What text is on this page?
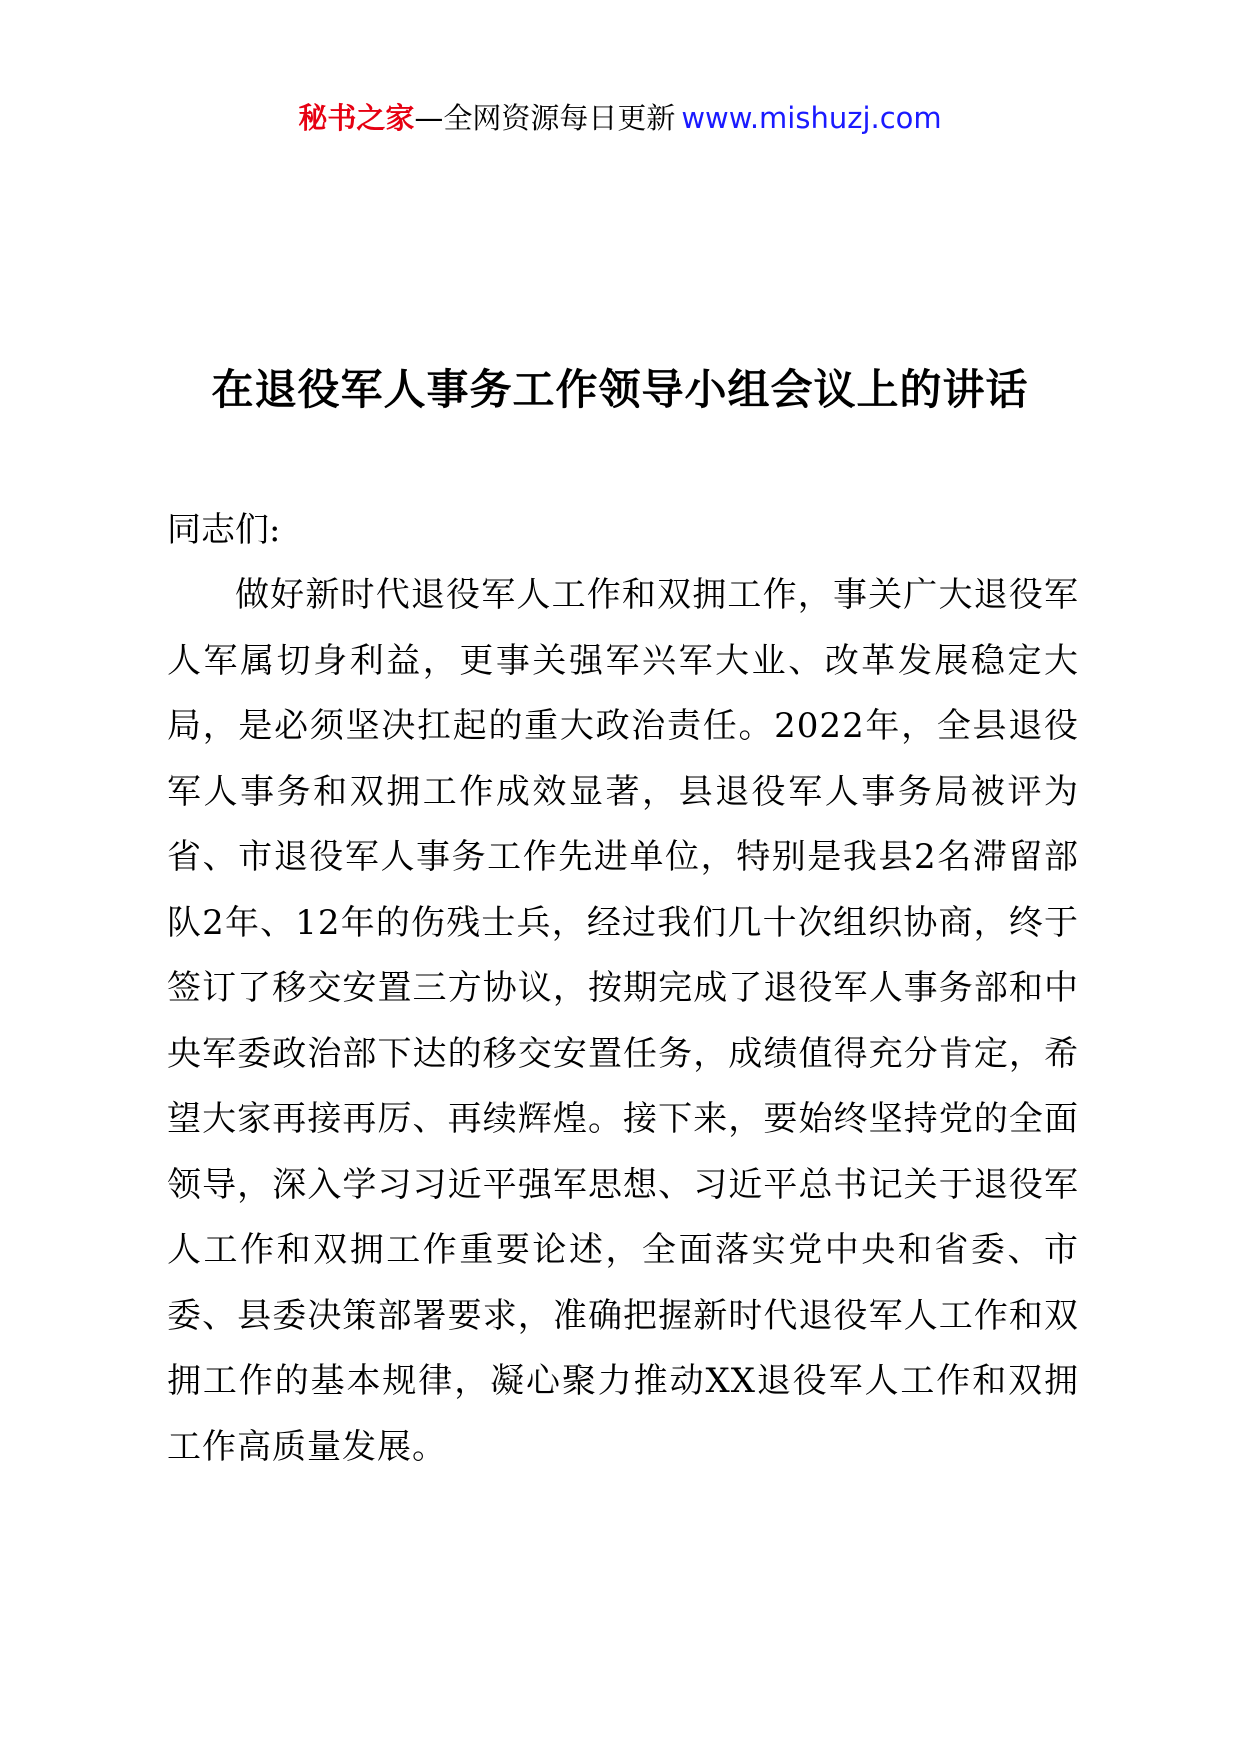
秘书之家—全网资源每日更新 www.mishuzj.com
在退役军人事务工作领导小组会议上的讲话
同志们:
做好新时代退役军人工作和双拥工作，事关广大退役军人军属切身利益，更事关强军兴军大业、改革发展稳定大局，是必须坚决扛起的重大政治责任。2022年，全县退役军人事务和双拥工作成效显著，县退役军人事务局被评为省、市退役军人事务工作先进单位，特别是我县2名滞留部队2年、12年的伤残士兵，经过我们几十次组织协商，终于签订了移交安置三方协议，按期完成了退役军人事务部和中央军委政治部下达的移交安置任务，成绩值得充分肯定，希望大家再接再厉、再续辉煌。接下来，要始终坚持党的全面领导，深入学习习近平强军思想、习近平总书记关于退役军人工作和双拥工作重要论述，全面落实党中央和省委、市委、县委决策部署要求，准确把握新时代退役军人工作和双拥工作的基本规律，凝心聚力推动XX退役军人工作和双拥工作高质量发展。
